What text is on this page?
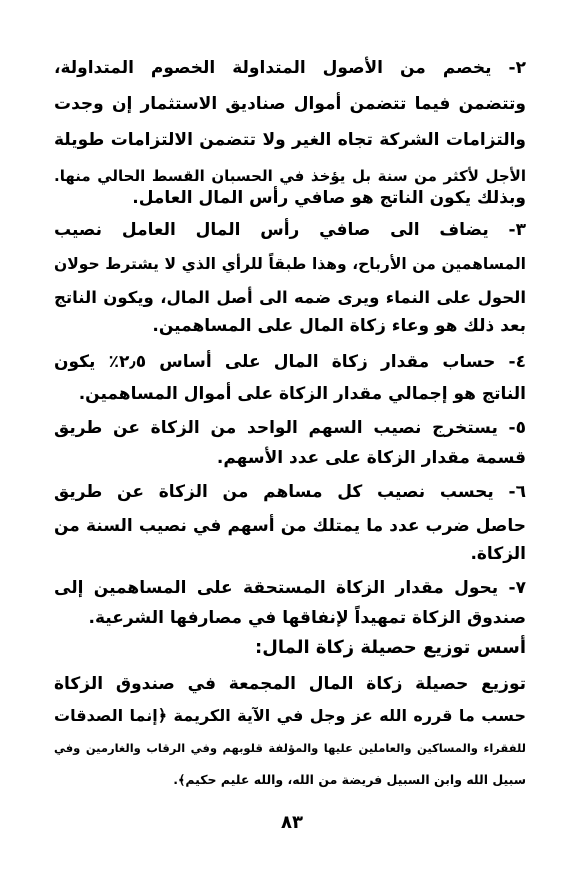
٢- يخصم من الأصول المتداولة الخصوم المتداولة،
وتتضمن فيما تتضمن أموال صناديق الاستثمار إن وجدت
والتزامات الشركة تجاه الغير ولا تتضمن الالتزامات طويلة
الأجل لأكثر من سنة بل يؤخذ في الحسبان القسط الحالي منها.
وبذلك يكون الناتج هو صافي رأس المال العامل.
٣- يضاف الى صافي رأس المال العامل نصيب
المساهمين من الأرباح، وهذا طبقاً للرأي الذي لا يشترط حولان
الحول على النماء ويرى ضمه الى أصل المال، ويكون الناتج
بعد ذلك هو وعاء زكاة المال على المساهمين.
٤- حساب مقدار زكاة المال على أساس ٢٫٥٪ يكون
الناتج هو إجمالي مقدار الزكاة على أموال المساهمين.
٥- يستخرج نصيب السهم الواحد من الزكاة عن طريق
قسمة مقدار الزكاة على عدد الأسهم.
٦- يحسب نصيب كل مساهم من الزكاة عن طريق
حاصل ضرب عدد ما يمتلك من أسهم في نصيب السنة من
الزكاة.
٧- يحول مقدار الزكاة المستحقة على المساهمين إلى
صندوق الزكاة تمهيداً لإنفاقها في مصارفها الشرعية.
أسس توزيع حصيلة زكاة المال:
توزيع حصيلة زكاة المال المجمعة في صندوق الزكاة
حسب ما قرره الله عز وجل في الآية الكريمة ﴿إنما الصدقات
للفقراء والمساكين والعاملين عليها والمؤلفة قلوبهم وفي الرقاب والغارمين وفي
سبيل الله وابن السبيل فريضة من الله، والله عليم حكيم﴾.
٨٣
